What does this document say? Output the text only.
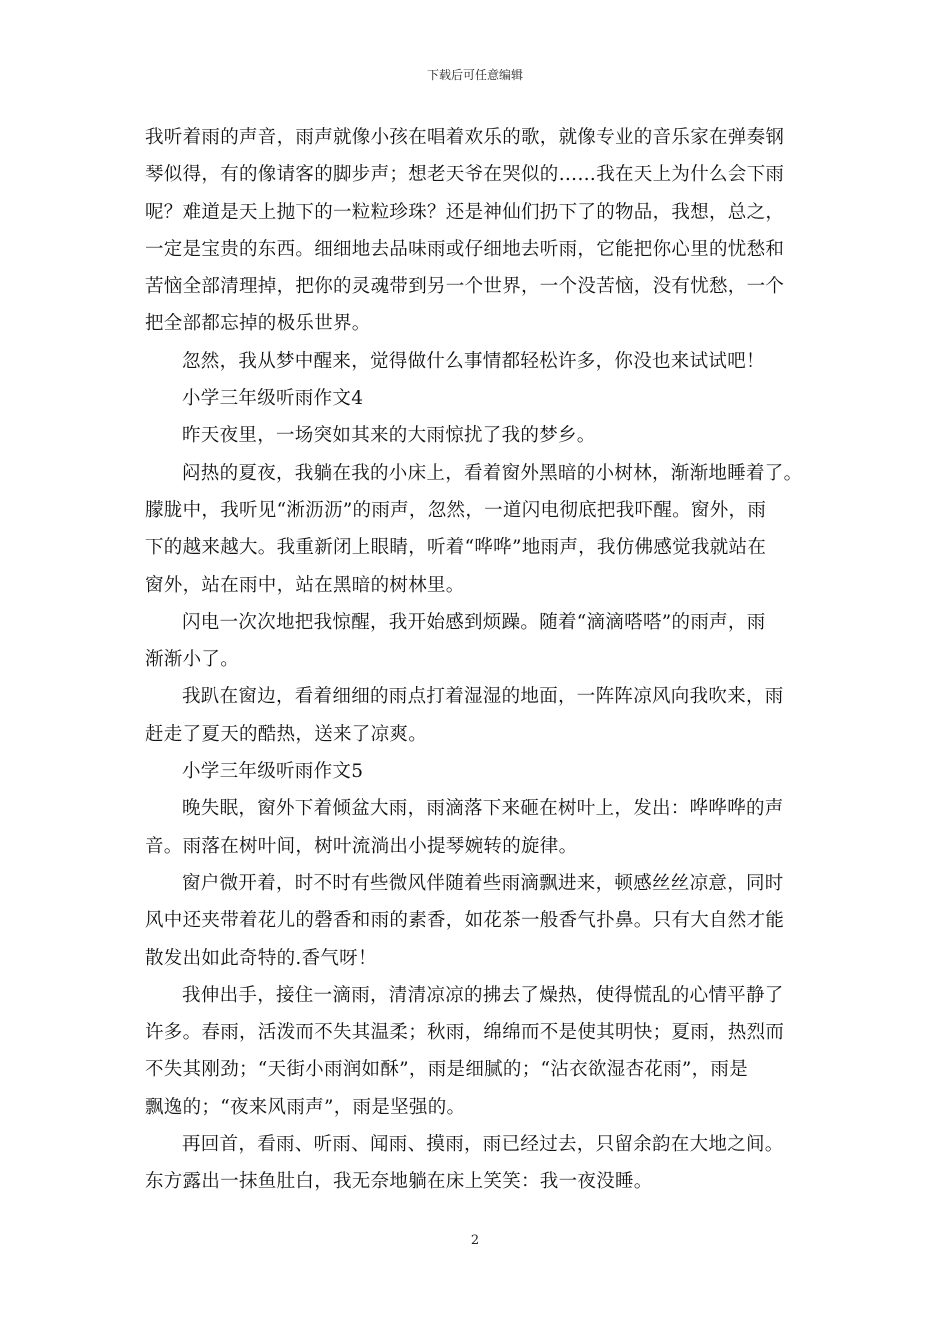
下载后可任意编辑
我听着雨的声音，雨声就像小孩在唱着欢乐的歌，就像专业的音乐家在弹奏钢
琴似得，有的像请客的脚步声；想老天爷在哭似的……我在天上为什么会下雨
呢？难道是天上抛下的一粒粒珍珠？还是神仙们扔下了的物品，我想，总之，
一定是宝贵的东西。细细地去品味雨或仔细地去听雨，它能把你心里的忧愁和
苦恼全部清理掉，把你的灵魂带到另一个世界，一个没苦恼，没有忧愁，一个
把全部都忘掉的极乐世界。
忽然，我从梦中醒来，觉得做什么事情都轻松许多，你没也来试试吧！
小学三年级听雨作文4
昨天夜里，一场突如其来的大雨惊扰了我的梦乡。
闷热的夏夜，我躺在我的小床上，看着窗外黑暗的小树林，渐渐地睡着了。
朦胧中，我听见“淅沥沥”的雨声，忽然，一道闪电彻底把我吓醒。窗外，雨
下的越来越大。我重新闭上眼睛，听着“哗哗”地雨声，我仿佛感觉我就站在
窗外，站在雨中，站在黑暗的树林里。
闪电一次次地把我惊醒，我开始感到烦躁。随着“滴滴嗒嗒”的雨声，雨
渐渐小了。
我趴在窗边，看着细细的雨点打着湿湿的地面，一阵阵凉风向我吹来，雨
赶走了夏天的酷热，送来了凉爽。
小学三年级听雨作文5
晚失眠，窗外下着倾盆大雨，雨滴落下来砸在树叶上，发出：哗哗哗的声
音。雨落在树叶间，树叶流淌出小提琴婉转的旋律。
窗户微开着，时不时有些微风伴随着些雨滴飘进来，顿感丝丝凉意，同时
风中还夹带着花儿的磬香和雨的素香，如花茶一般香气扑鼻。只有大自然才能
散发出如此奇特的.香气呀！
我伸出手，接住一滴雨，清清凉凉的拂去了燥热，使得慌乱的心情平静了
许多。春雨，活泼而不失其温柔；秋雨，绵绵而不是使其明快；夏雨，热烈而
不失其刚劲；“天街小雨润如酥”，雨是细腻的；“沾衣欲湿杏花雨”，雨是
飘逸的；“夜来风雨声”，雨是坚强的。
再回首，看雨、听雨、闻雨、摸雨，雨已经过去，只留余韵在大地之间。
东方露出一抹鱼肚白，我无奈地躺在床上笑笑：我一夜没睡。
2
